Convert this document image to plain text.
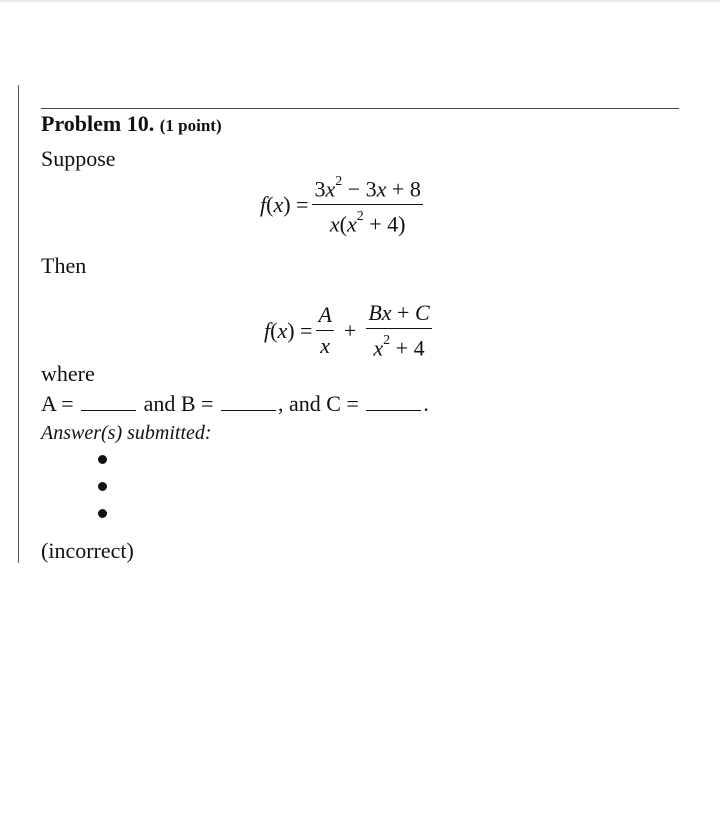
Problem 10. (1 point)
Suppose
$f(x) = \frac{3x^2 - 3x + 8}{x(x^2 + 4)}$
Then
$f(x) = \frac{A}{x} + \frac{Bx + C}{x^2 + 4}$
where
A =	and B =	, and C =	.
Answer(s) submitted:
(incorrect)
